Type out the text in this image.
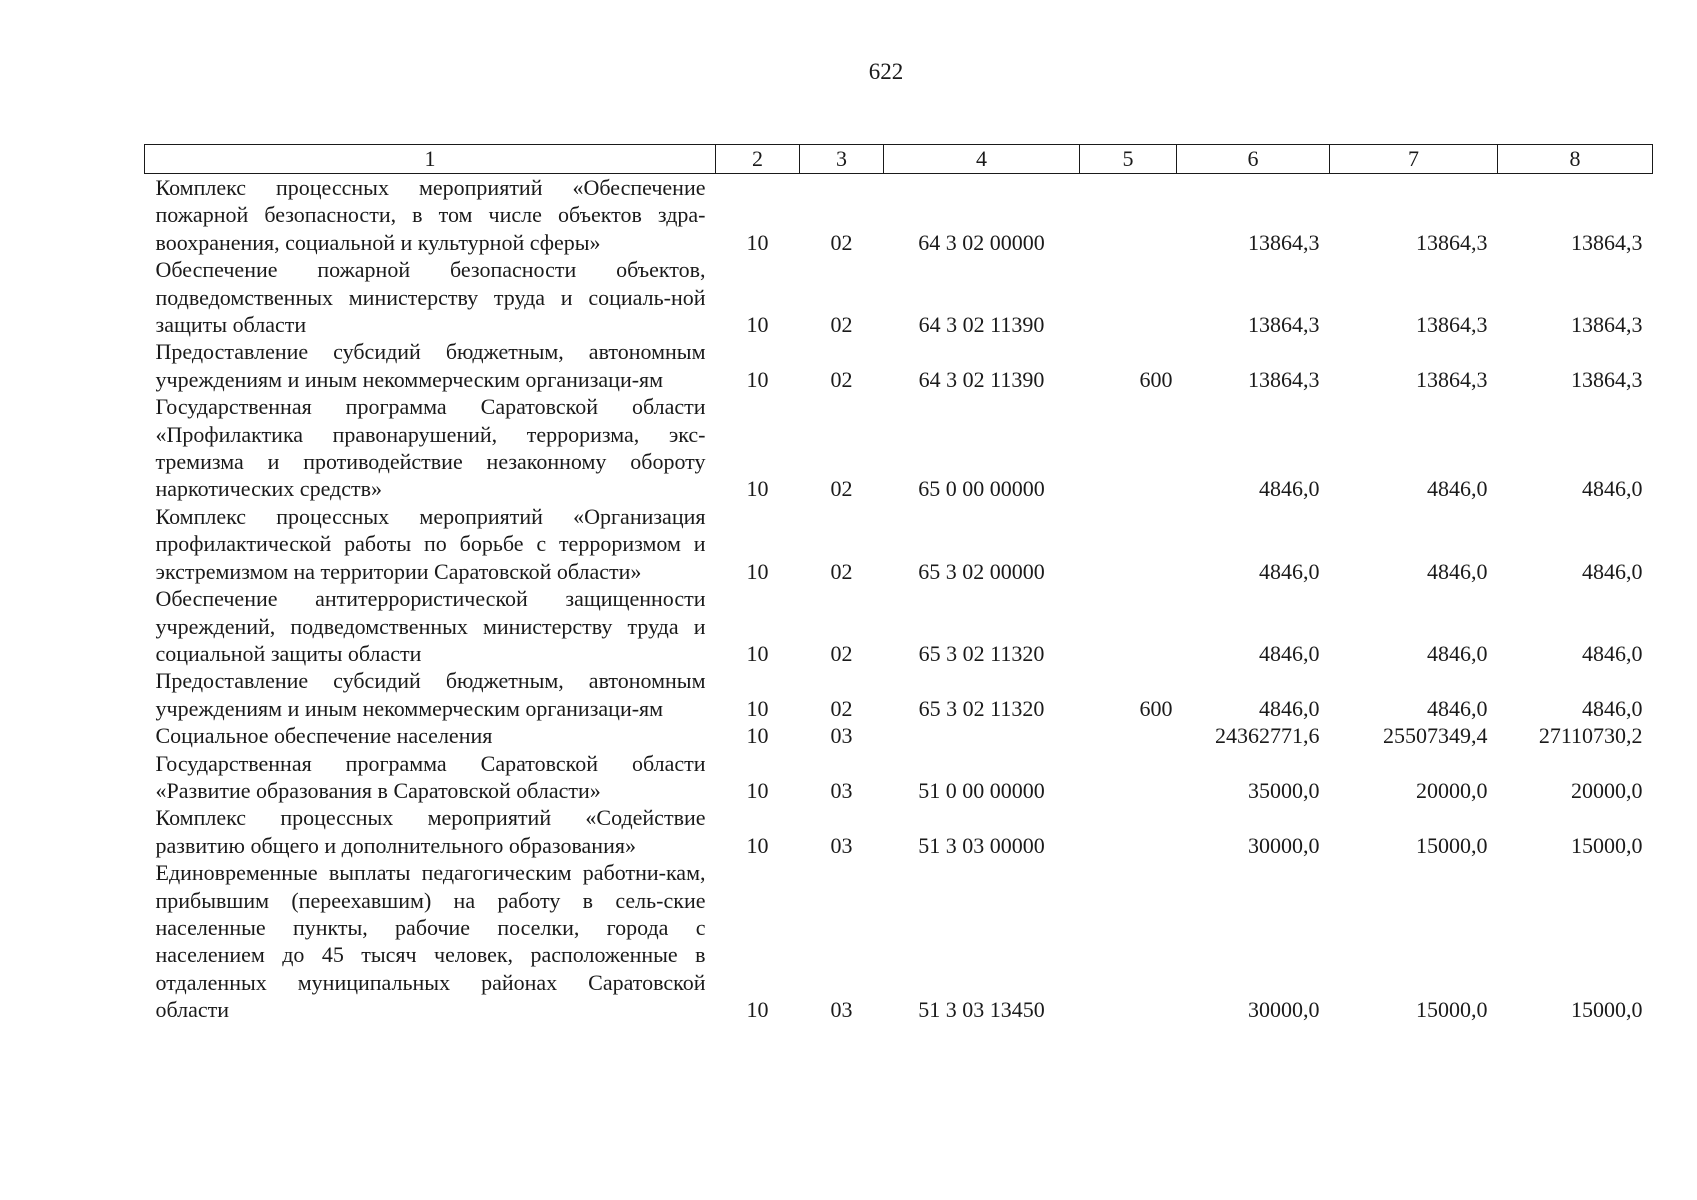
622
1	2	3	4	5	6	7	8
Комплекс процессных мероприятий «Обеспечение пожарной безопасности, в том числе объектов здра-воохранения, социальной и культурной сферы»	10	02	64 3 02 00000		13864,3	13864,3	13864,3
Обеспечение пожарной безопасности объектов, подведомственных министерству труда и социаль-ной защиты области	10	02	64 3 02 11390		13864,3	13864,3	13864,3
Предоставление субсидий бюджетным, автономным учреждениям и иным некоммерческим организаци-ям	10	02	64 3 02 11390	600	13864,3	13864,3	13864,3
Государственная программа Саратовской области «Профилактика правонарушений, терроризма, экс-тремизма и противодействие незаконному обороту наркотических средств»	10	02	65 0 00 00000		4846,0	4846,0	4846,0
Комплекс процессных мероприятий «Организация профилактической работы по борьбе с терроризмом и экстремизмом на территории Саратовской области»	10	02	65 3 02 00000		4846,0	4846,0	4846,0
Обеспечение антитеррористической защищенности учреждений, подведомственных министерству труда и социальной защиты области	10	02	65 3 02 11320		4846,0	4846,0	4846,0
Предоставление субсидий бюджетным, автономным учреждениям и иным некоммерческим организаци-ям	10	02	65 3 02 11320	600	4846,0	4846,0	4846,0
Социальное обеспечение населения	10	03			24362771,6	25507349,4	27110730,2
Государственная программа Саратовской области «Развитие образования в Саратовской области»	10	03	51 0 00 00000		35000,0	20000,0	20000,0
Комплекс процессных мероприятий «Содействие развитию общего и дополнительного образования»	10	03	51 3 03 00000		30000,0	15000,0	15000,0
Единовременные выплаты педагогическим работни-кам, прибывшим (переехавшим) на работу в сель-ские населенные пункты, рабочие поселки, города с населением до 45 тысяч человек, расположенные в отдаленных муниципальных районах Саратовской области	10	03	51 3 03 13450		30000,0	15000,0	15000,0
